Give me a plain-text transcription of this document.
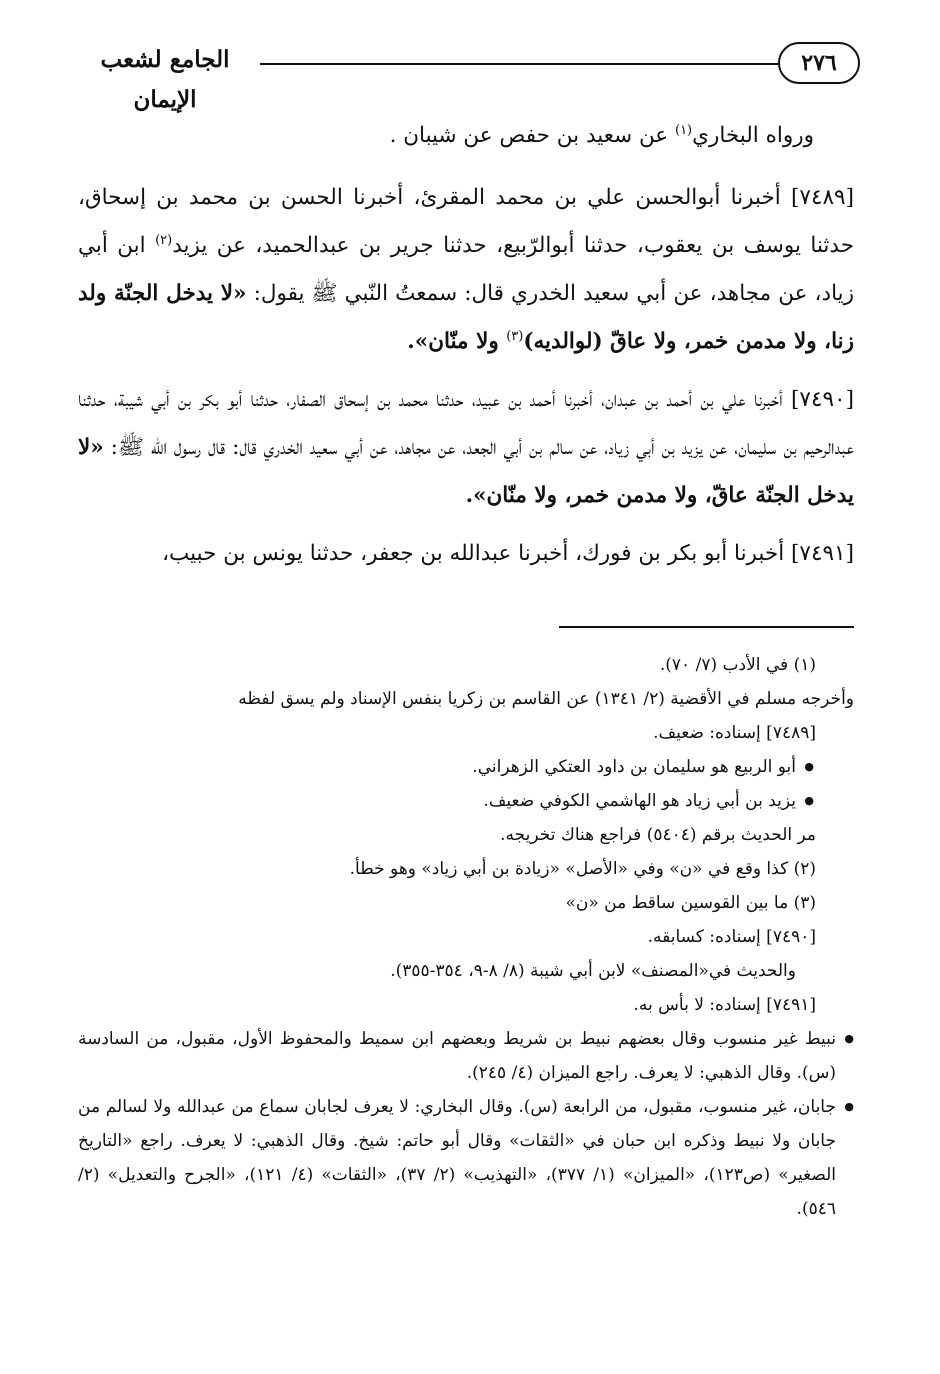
٢٧٦
الجامع لشعب الإيمان

ورواه البخاري$^{(١)}$ عن سعيد بن حفص عن شيبان .

[٧٤٨٩] أخبرنا أبوالحسن علي بن محمد المقرئ، أخبرنا الحسن بن محمد بن إسحاق، حدثنا يوسف بن يعقوب، حدثنا أبوالرّبيع، حدثنا جرير بن عبدالحميد، عن يزيد$^{(٢)}$ ابن أبي زياد، عن مجاهد، عن أبي سعيد الخدري قال: سمعتُ النّبي ﷺ يقول: «لا يدخل الجنّة ولد زنا، ولا مدمن خمر، ولا عاقّ (لوالديه)$^{(٣)}$ ولا منّان».

[٧٤٩٠] أخبرنا علي بن أحمد بن عبدان، أخبرنا أحمد بن عبيد، حدثنا محمد بن إسحاق الصفار، حدثنا أبو بكر بن أبي شيبة، حدثنا عبدالرحيم بن سليمان، عن يزيد بن أبي زياد، عن سالم بن أبي الجعد، عن مجاهد، عن أبي سعيد الخدري قال: قال رسول الله ﷺ: «لا يدخل الجنّة عاقّ، ولا مدمن خمر، ولا منّان».

[٧٤٩١] أخبرنا أبو بكر بن فورك، أخبرنا عبدالله بن جعفر، حدثنا يونس بن حبيب،

(١) في الأدب (٧/ ٧٠).

وأخرجه مسلم في الأقضية (٢/ ١٣٤١) عن القاسم بن زكريا بنفس الإسناد ولم يسق لفظه

[٧٤٨٩] إسناده: ضعيف.

● أبو الربيع هو سليمان بن داود العتكي الزهراني.

● يزيد بن أبي زياد هو الهاشمي الكوفي ضعيف.

مر الحديث برقم (٥٤٠٤) فراجع هناك تخريجه.

(٢) كذا وقع في «ن» وفي «الأصل» «زيادة بن أبي زياد» وهو خطأ.

(٣) ما بين القوسين ساقط من «ن»

[٧٤٩٠] إسناده: كسابقه.

والحديث في«المصنف» لابن أبي شيبة (٨/ ٨-٩، ٣٥٤-٣٥٥).

[٧٤٩١] إسناده: لا بأس به.

● نبيط غير منسوب وقال بعضهم نبيط بن شريط وبعضهم ابن سميط والمحفوظ الأول، مقبول، من السادسة (س). وقال الذهبي: لا يعرف. راجع الميزان (٤/ ٢٤٥).

● جابان، غير منسوب، مقبول، من الرابعة (س). وقال البخاري: لا يعرف لجابان سماع من عبدالله ولا لسالم من جابان ولا نبيط وذكره ابن حبان في «الثقات» وقال أبو حاتم: شيخ. وقال الذهبي: لا يعرف. راجع «التاريخ الصغير» (ص١٢٣)، «الميزان» (١/ ٣٧٧)، «التهذيب» (٢/ ٣٧)، «الثقات» (٤/ ١٢١)، «الجرح والتعديل» (٢/ ٥٤٦).
